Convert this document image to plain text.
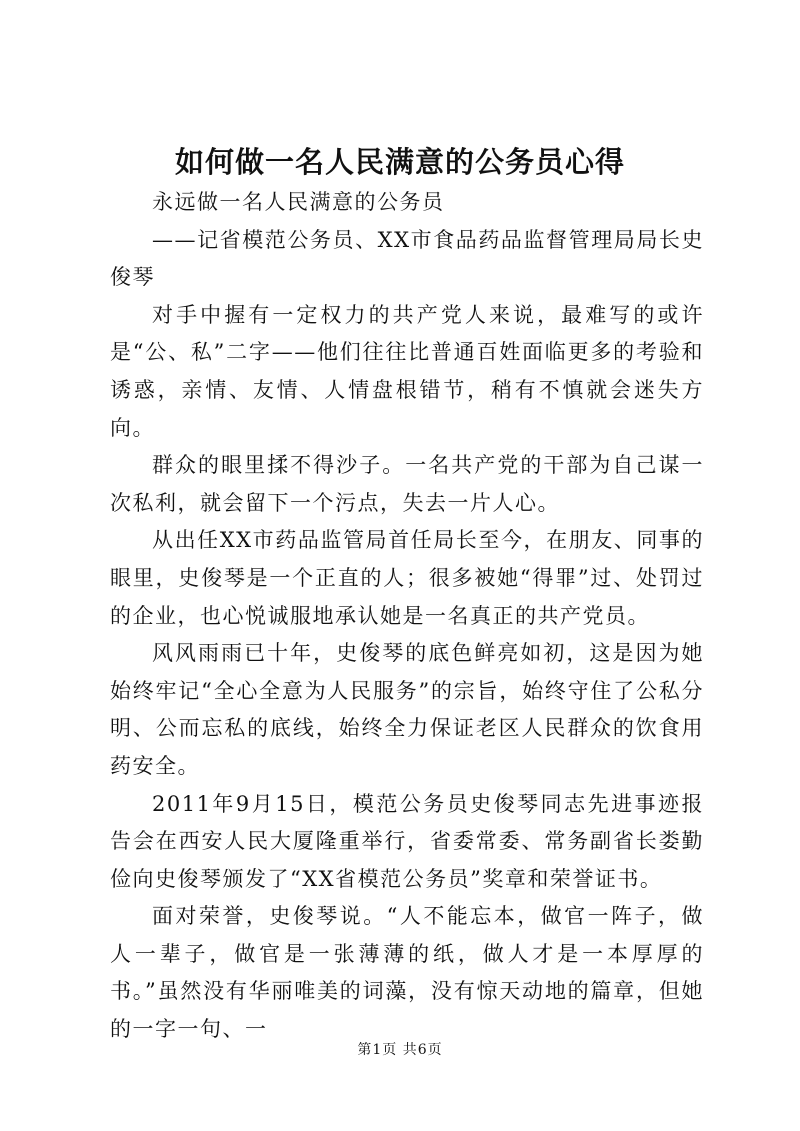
如何做一名人民满意的公务员心得

永远做一名人民满意的公务员

——记省模范公务员、XX市食品药品监督管理局局长史俊琴

对手中握有一定权力的共产党人来说，最难写的或许是“公、私”二字——他们往往比普通百姓面临更多的考验和诱惑，亲情、友情、人情盘根错节，稍有不慎就会迷失方向。

群众的眼里揉不得沙子。一名共产党的干部为自己谋一次私利，就会留下一个污点，失去一片人心。

从出任XX市药品监管局首任局长至今，在朋友、同事的眼里，史俊琴是一个正直的人；很多被她“得罪”过、处罚过的企业，也心悦诚服地承认她是一名真正的共产党员。

风风雨雨已十年，史俊琴的底色鲜亮如初，这是因为她始终牢记“全心全意为人民服务”的宗旨，始终守住了公私分明、公而忘私的底线，始终全力保证老区人民群众的饮食用药安全。

2011年9月15日，模范公务员史俊琴同志先进事迹报告会在西安人民大厦隆重举行，省委常委、常务副省长娄勤俭向史俊琴颁发了“XX省模范公务员”奖章和荣誉证书。

面对荣誉，史俊琴说。“人不能忘本，做官一阵子，做人一辈子，做官是一张薄薄的纸，做人才是一本厚厚的书。”虽然没有华丽唯美的词藻，没有惊天动地的篇章，但她的一字一句、一

第1页 共6页
